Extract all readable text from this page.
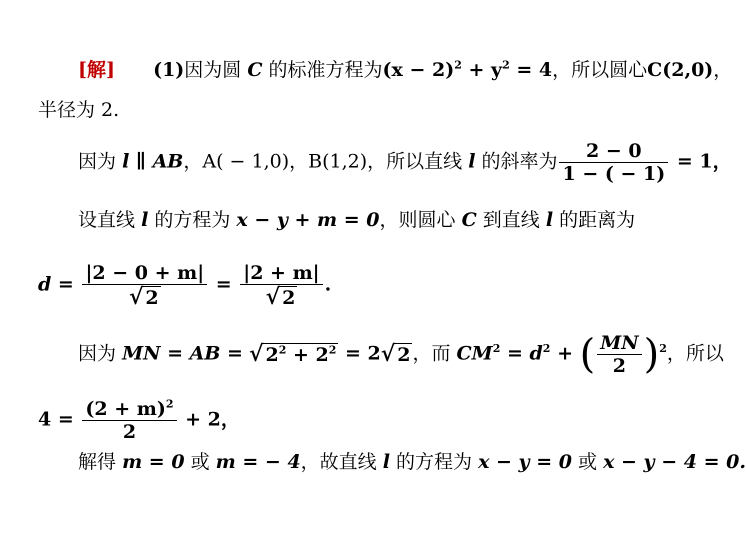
[解] (1)因为圆 C 的标准方程为$(x - 2)^2 + y^2 = 4$，所以圆心C(2,0)，
半径为 2.
因为 l ∥ AB，A( − 1,0)，B(1,2)，所以直线 l 的斜率为 $\frac{2 - 0}{1 - ( - 1)} = 1$，
设直线 l 的方程为 x − y + m = 0，则圆心 C 到直线 l 的距离为
$d = \frac{|2 - 0 + m|}{√ 2} = \frac{|2 + m|}{√ 2}$ .
因为 MN = AB = √ $2^2 + 2^2 = 2√$ 2 ，而 $CM^2 = d^2$ + ( $\frac{MN}{2} )^2$，所以
$4 = \frac{(2 + m)^2}{2} + 2$，
解得 m = 0 或 m = − 4，故直线 l 的方程为 x − y = 0 或 x − y − 4 = 0.
